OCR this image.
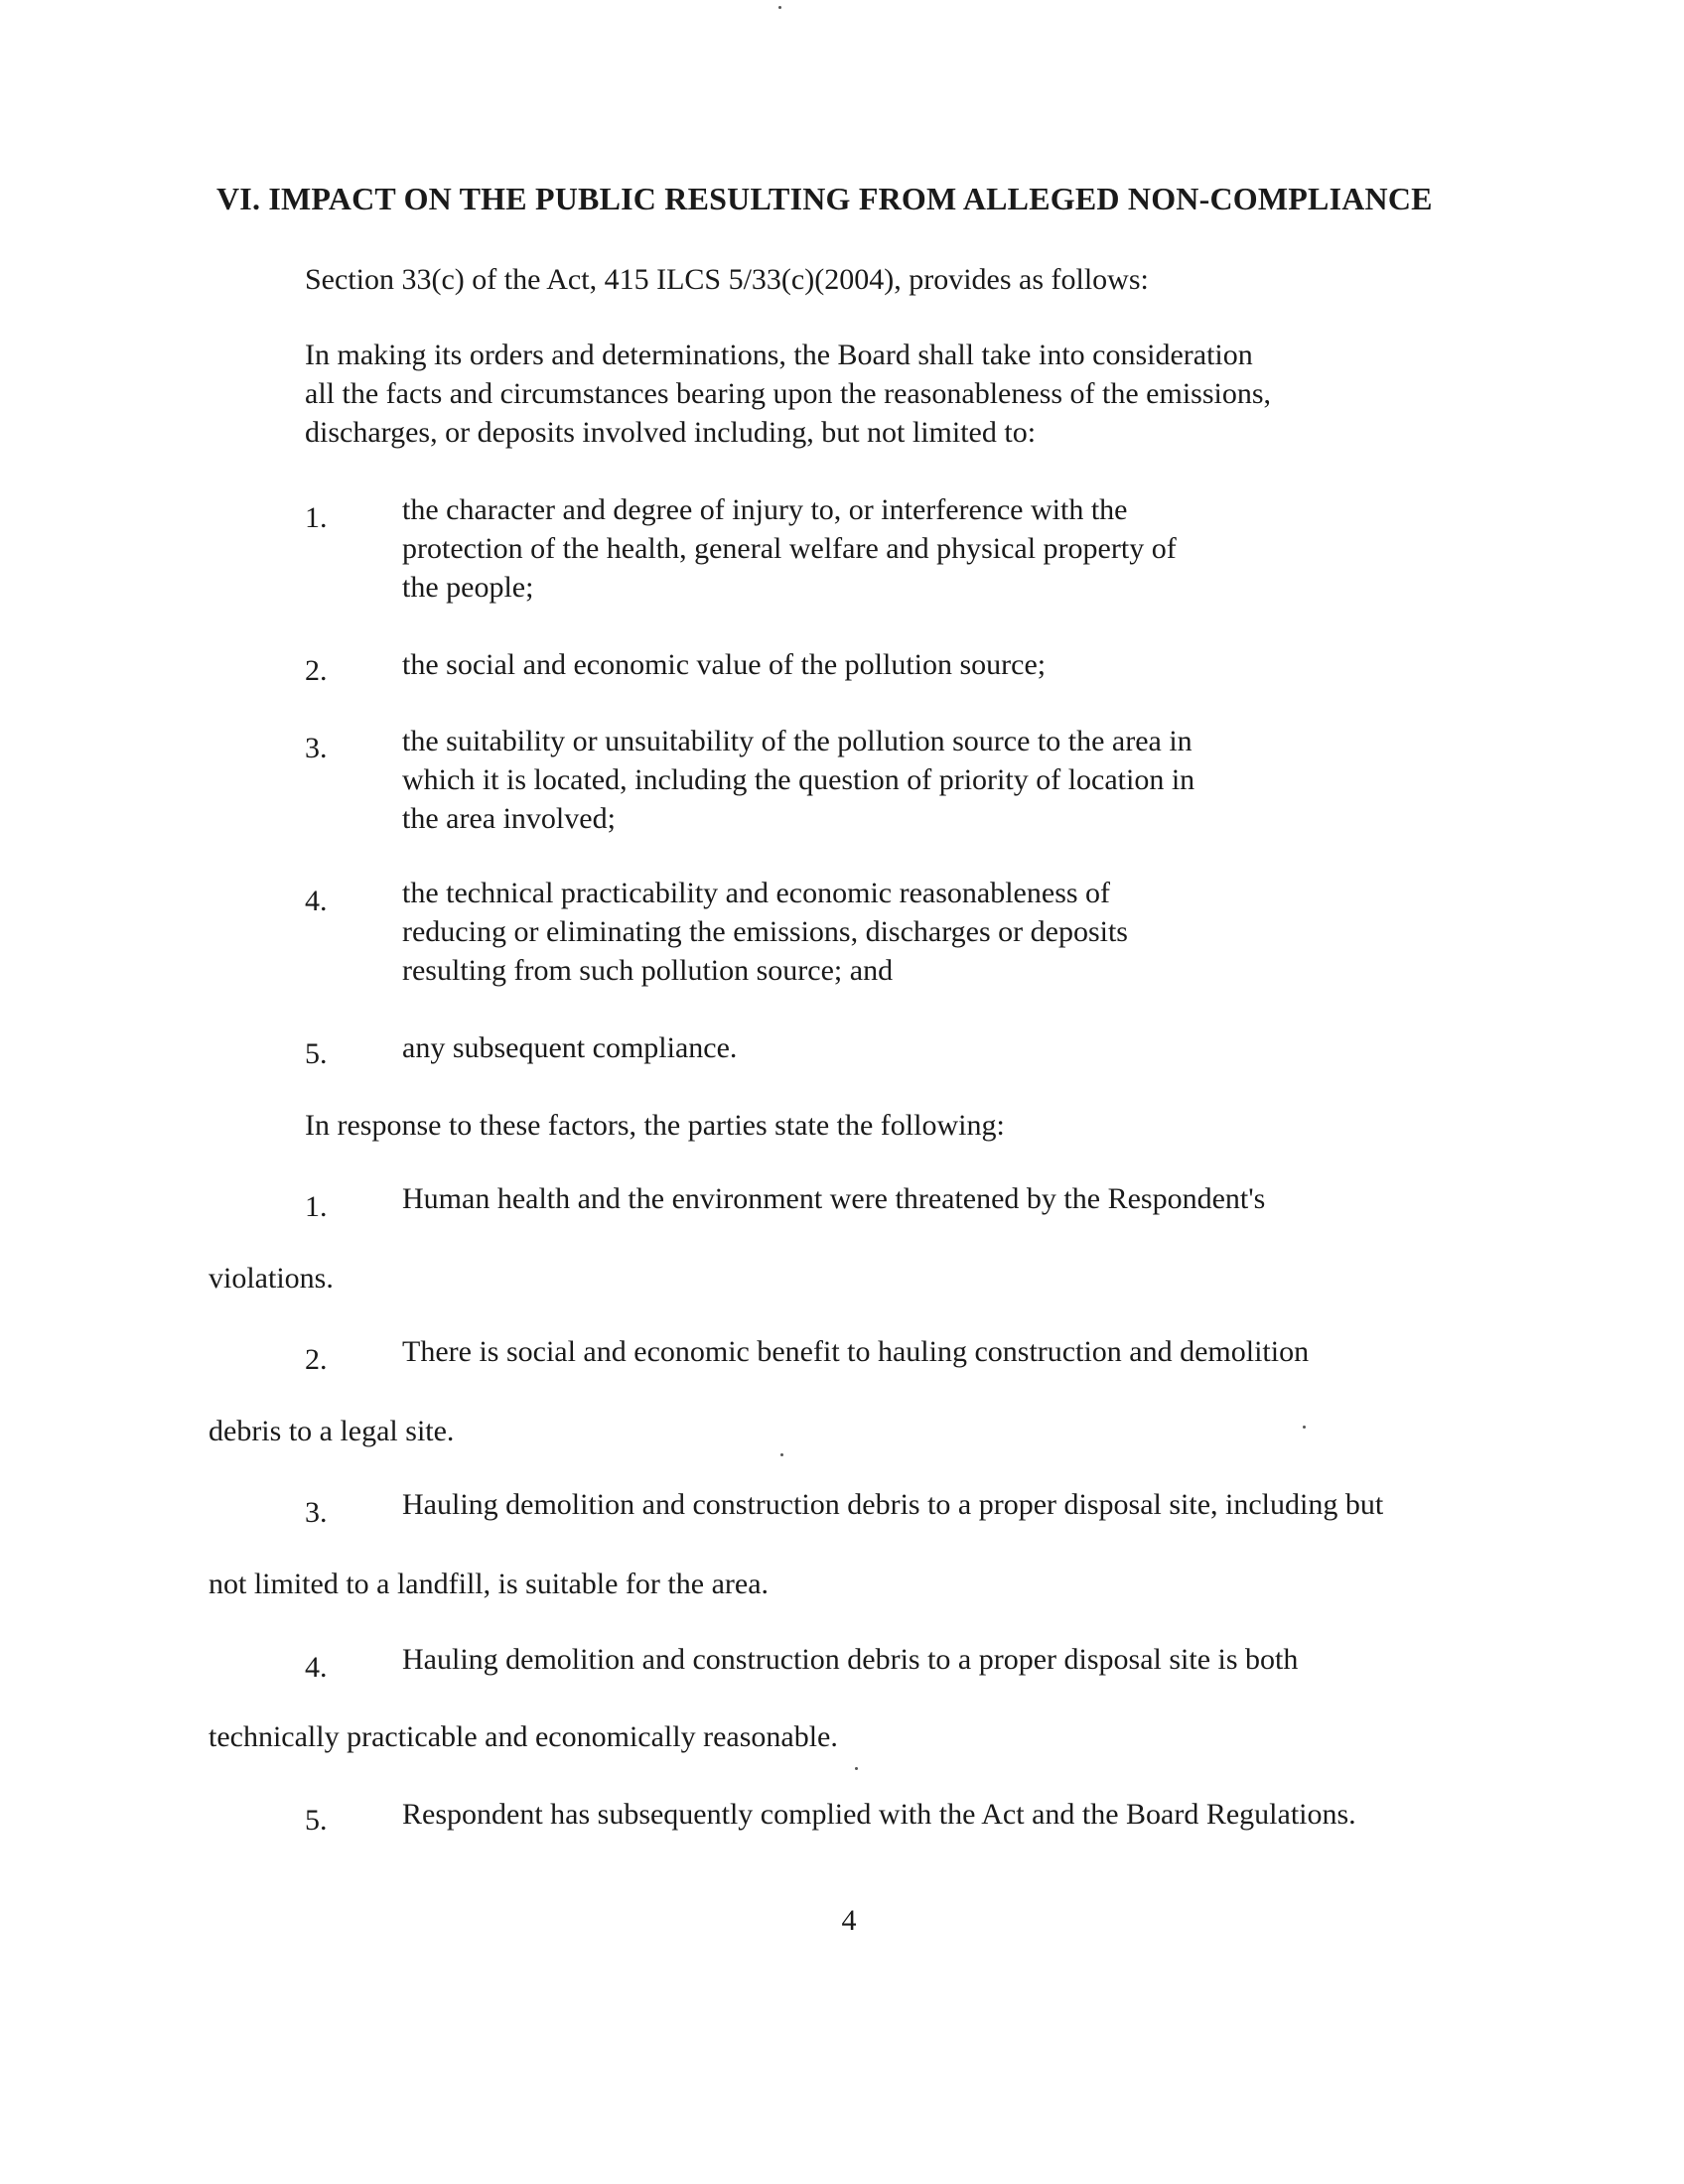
VI. IMPACT ON THE PUBLIC RESULTING FROM ALLEGED NON-COMPLIANCE
Section 33(c) of the Act, 415 ILCS 5/33(c)(2004), provides as follows:
In making its orders and determinations, the Board shall take into consideration
all the facts and circumstances bearing upon the reasonableness of the emissions,
discharges, or deposits involved including, but not limited to:
1.	the character and degree of injury to, or interference with the
protection of the health, general welfare and physical property of
the people;
2.	the social and economic value of the pollution source;
3.	the suitability or unsuitability of the pollution source to the area in
which it is located, including the question of priority of location in
the area involved;
4.	the technical practicability and economic reasonableness of
reducing or eliminating the emissions, discharges or deposits
resulting from such pollution source; and
5.	any subsequent compliance.
In response to these factors, the parties state the following:
1.	Human health and the environment were threatened by the Respondent's
violations.
2.	There is social and economic benefit to hauling construction and demolition
debris to a legal site.
3.	Hauling demolition and construction debris to a proper disposal site, including but
not limited to a landfill, is suitable for the area.
4.	Hauling demolition and construction debris to a proper disposal site is both
technically practicable and economically reasonable.
5.	Respondent has subsequently complied with the Act and the Board Regulations.
4
